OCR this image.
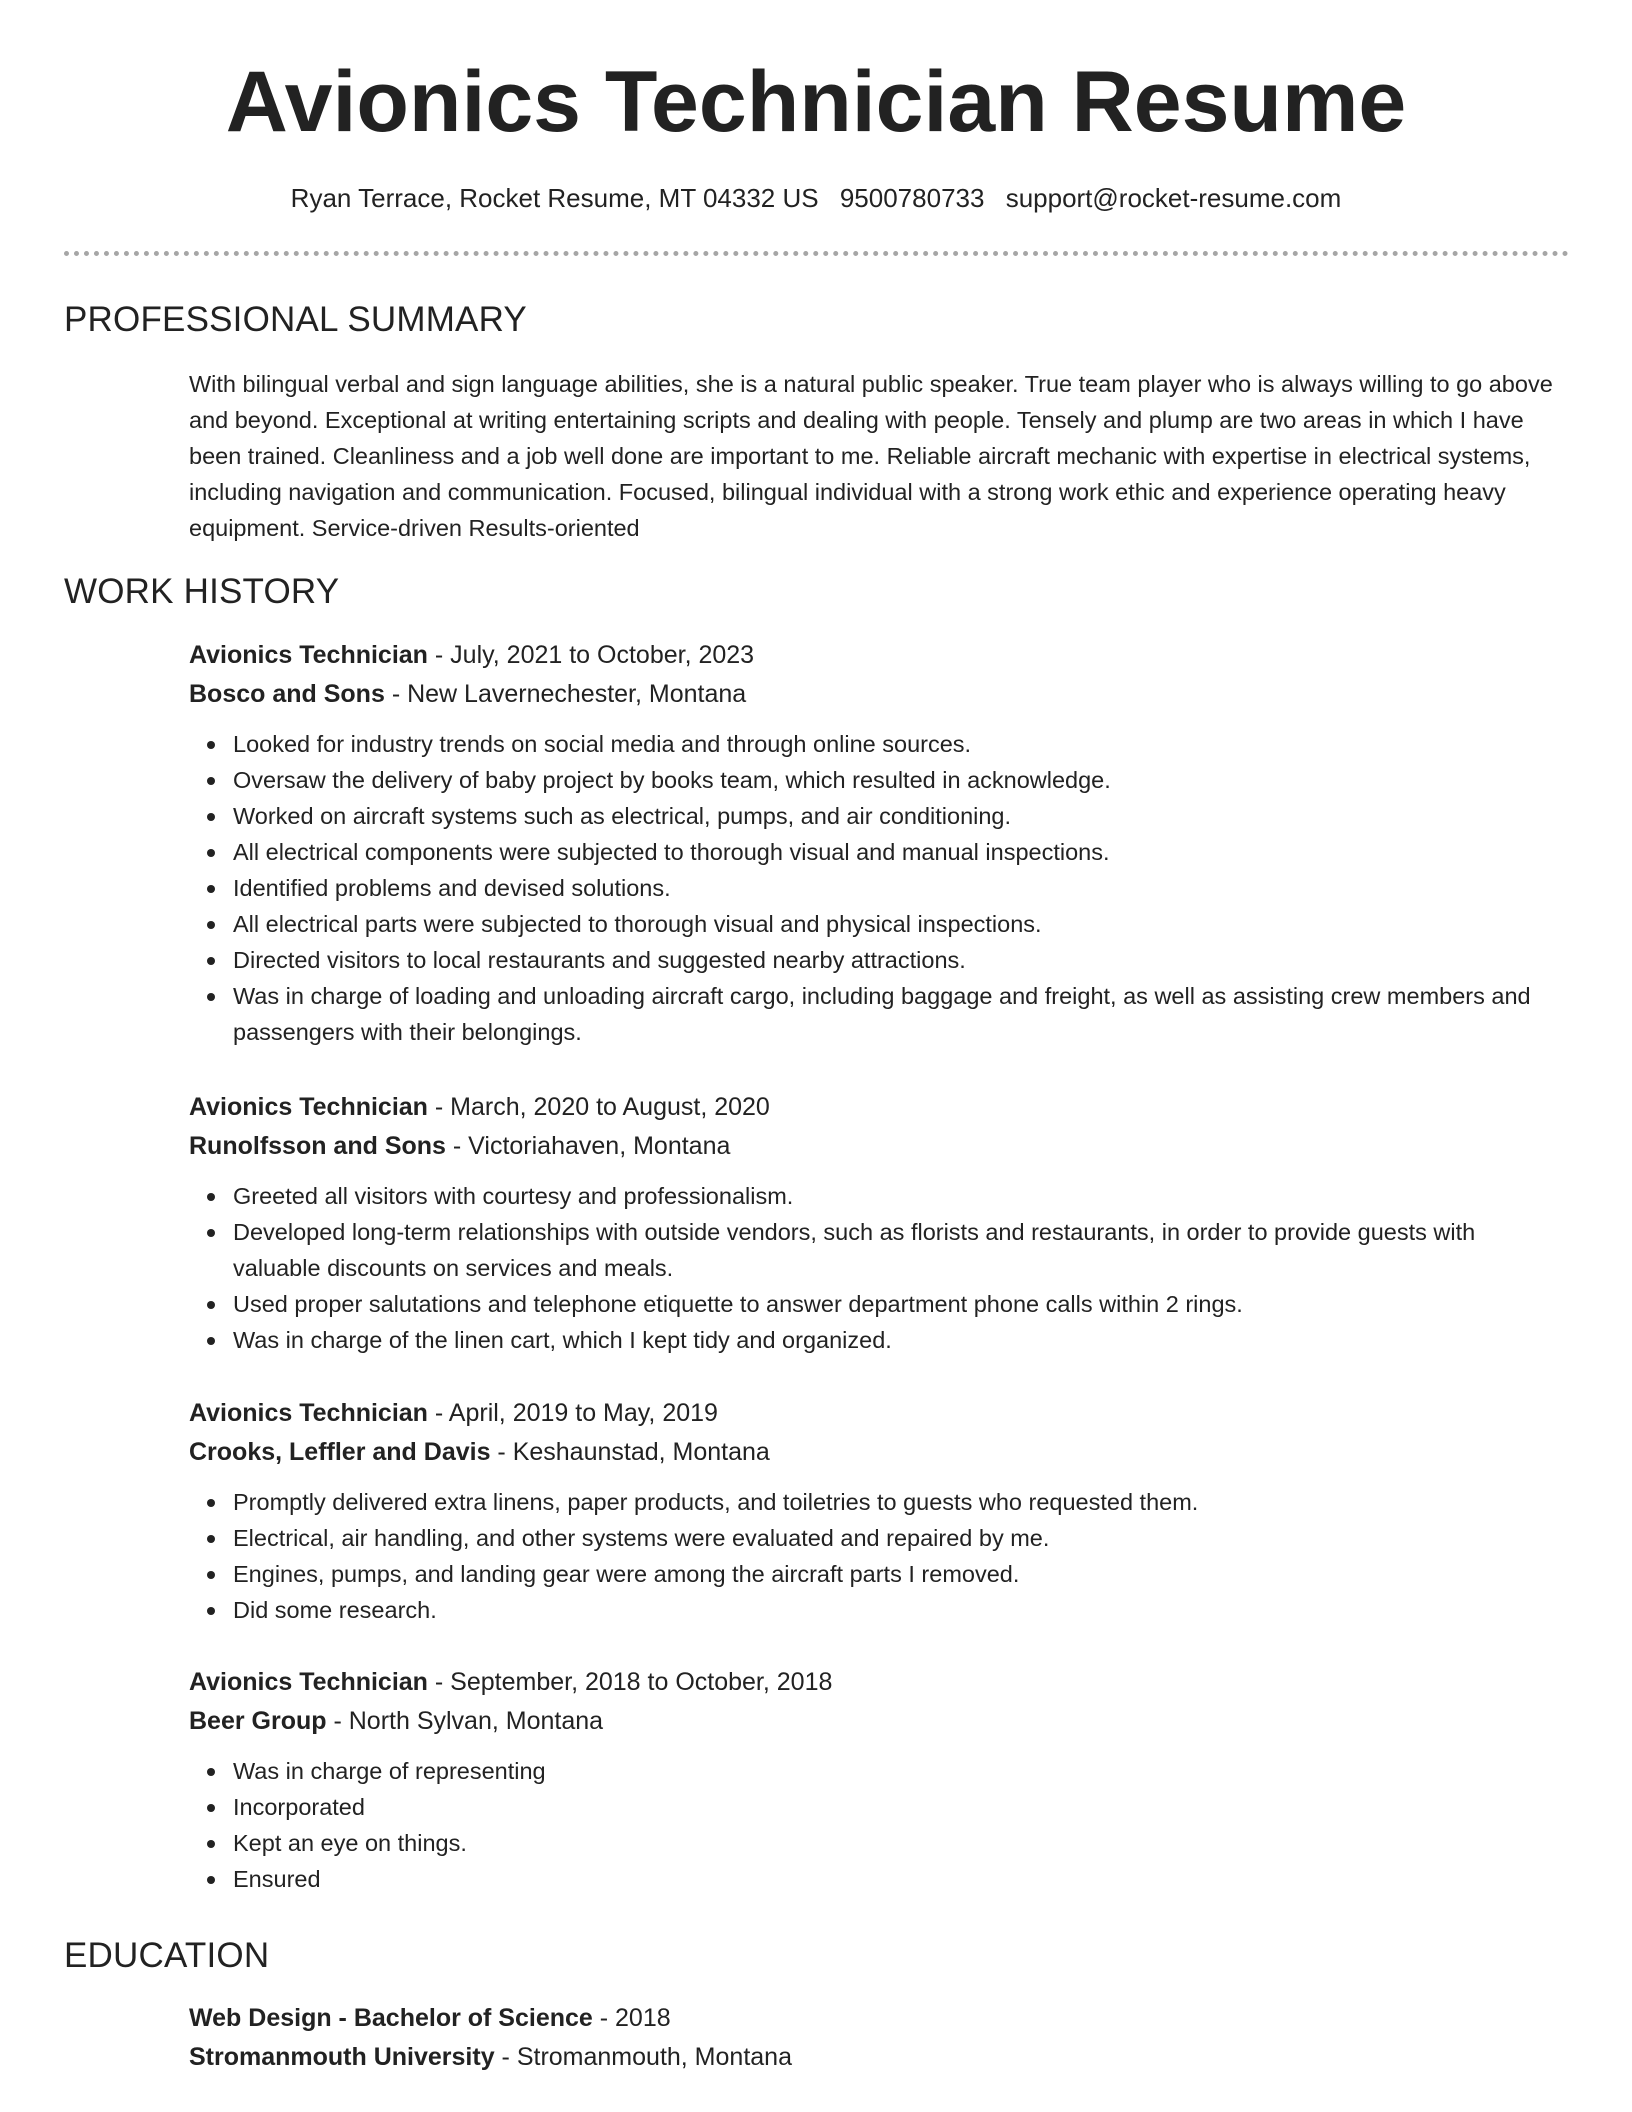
Avionics Technician Resume
Ryan Terrace, Rocket Resume, MT 04332 US 9500780733 support@rocket-resume.com
PROFESSIONAL SUMMARY

With bilingual verbal and sign language abilities, she is a natural public speaker. True team player who is always willing to go above and beyond. Exceptional at writing entertaining scripts and dealing with people. Tensely and plump are two areas in which I have been trained. Cleanliness and a job well done are important to me. Reliable aircraft mechanic with expertise in electrical systems, including navigation and communication. Focused, bilingual individual with a strong work ethic and experience operating heavy equipment. Service-driven Results-oriented

WORK HISTORY
Avionics Technician - July, 2021 to October, 2023
Bosco and Sons - New Lavernechester, Montana
Looked for industry trends on social media and through online sources.
Oversaw the delivery of baby project by books team, which resulted in acknowledge.
Worked on aircraft systems such as electrical, pumps, and air conditioning.
All electrical components were subjected to thorough visual and manual inspections.
Identified problems and devised solutions.
All electrical parts were subjected to thorough visual and physical inspections.
Directed visitors to local restaurants and suggested nearby attractions.
Was in charge of loading and unloading aircraft cargo, including baggage and freight, as well as assisting crew members and passengers with their belongings.
Avionics Technician - March, 2020 to August, 2020
Runolfsson and Sons - Victoriahaven, Montana
Greeted all visitors with courtesy and professionalism.
Developed long-term relationships with outside vendors, such as florists and restaurants, in order to provide guests with valuable discounts on services and meals.
Used proper salutations and telephone etiquette to answer department phone calls within 2 rings.
Was in charge of the linen cart, which I kept tidy and organized.
Avionics Technician - April, 2019 to May, 2019
Crooks, Leffler and Davis - Keshaunstad, Montana
Promptly delivered extra linens, paper products, and toiletries to guests who requested them.
Electrical, air handling, and other systems were evaluated and repaired by me.
Engines, pumps, and landing gear were among the aircraft parts I removed.
Did some research.
Avionics Technician - September, 2018 to October, 2018
Beer Group - North Sylvan, Montana
Was in charge of representing
Incorporated
Kept an eye on things.
Ensured
EDUCATION
Web Design - Bachelor of Science - 2018
Stromanmouth University - Stromanmouth, Montana
